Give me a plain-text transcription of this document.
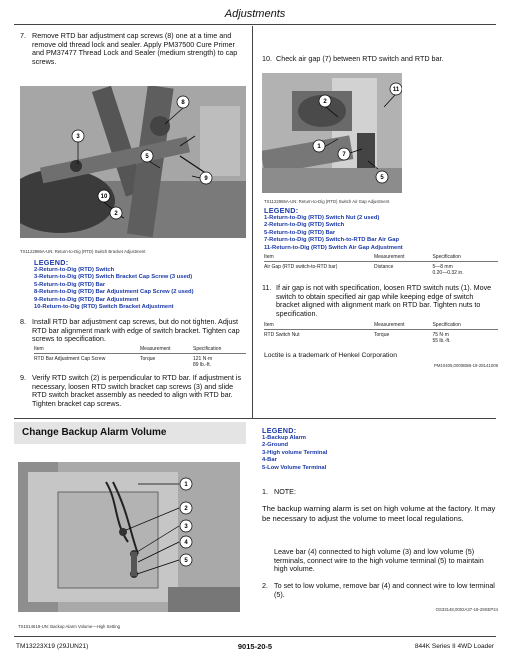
Adjustments
7. Remove RTD bar adjustment cap screws (8) one at a time and remove old thread lock and sealer. Apply PM37500 Cure Primer and PM37477 Thread Lock and Sealer (medium strength) to cap screws.
8
3
5
9
10
2
TX1122986A-UN: Return-to-Dig (RTD) Switch Bracket Adjustment
LEGEND:
2-Return-to-Dig (RTD) Switch
3-Return-to-Dig (RTD) Switch Bracket Cap Screw (3 used)
5-Return-to-Dig (RTD) Bar
8-Return-to-Dig (RTD) Bar Adjustment Cap Screw (2 used)
9-Return-to-Dig (RTD) Bar Adjustment
10-Return-to-Dig (RTD) Switch Bracket Adjustment
8. Install RTD bar adjustment cap screws, but do not tighten. Adjust RTD bar alignment mark with edge of switch bracket. Tighten cap screws to specification.
Item	Measurement	Specification
RTD Bar Adjustment Cap Screw	Torque	121 N·m
89 lb.-ft.
9. Verify RTD switch (2) is perpendicular to RTD bar. If adjustment is necessary, loosen RTD switch bracket cap screws (3) and slide RTD switch bracket assembly as needed to align with RTD bar. Tighten bracket cap screws.
10. Check air gap (7) between RTD switch and RTD bar.
2
11
1
7
5
TX1122986A-UN: Return-to-Dig (RTD) Switch Air Gap Adjustment
LEGEND:
1-Return-to-Dig (RTD) Switch Nut (2 used)
2-Return-to-Dig (RTD) Switch
5-Return-to-Dig (RTD) Bar
7-Return-to-Dig (RTD) Switch-to-RTD Bar Air Gap
11-Return-to-Dig (RTD) Switch Air Gap Adjustment
Item	Measurement	Specification
Air Gap (RTD switch-to-RTD bar)	Distance	5—8 mm
0.20—0.32 in.
11. If air gap is not with specification, loosen RTD switch nuts (1). Move switch to obtain specified air gap while keeping edge of switch bracket aligned with alignment mark on RTD bar. Tighten nuts to specification.
Item	Measurement	Specification
RTD Switch Nut	Torque	75 N·m
55 lb.-ft.
Loctite is a trademark of Henkel Corporation
PM10405,0000B5B-19-28141009
Change Backup Alarm Volume
1
2
3
4
5
TX1014619-UN: Backup Alarm Volume—High Setting
LEGEND:
1-Backup Alarm
2-Ground
3-High volume Terminal
4-Bar
5-Low Volume Terminal
1. NOTE:
The backup warning alarm is set on high volume at the factory. It may be necessary to adjust the volume to meet local regulations.
Leave bar (4) connected to high volume (3) and low volume (5) terminals, connect wire to the high volume terminal (5) to maintain high volume.
2. To set to low volume, remove bar (4) and connect wire to low terminal (5).
OS33148,0002A37-19-29SEP24
TM13223X19 (29JUN21)	9015-20-5	844K Series II 4WD Loader
